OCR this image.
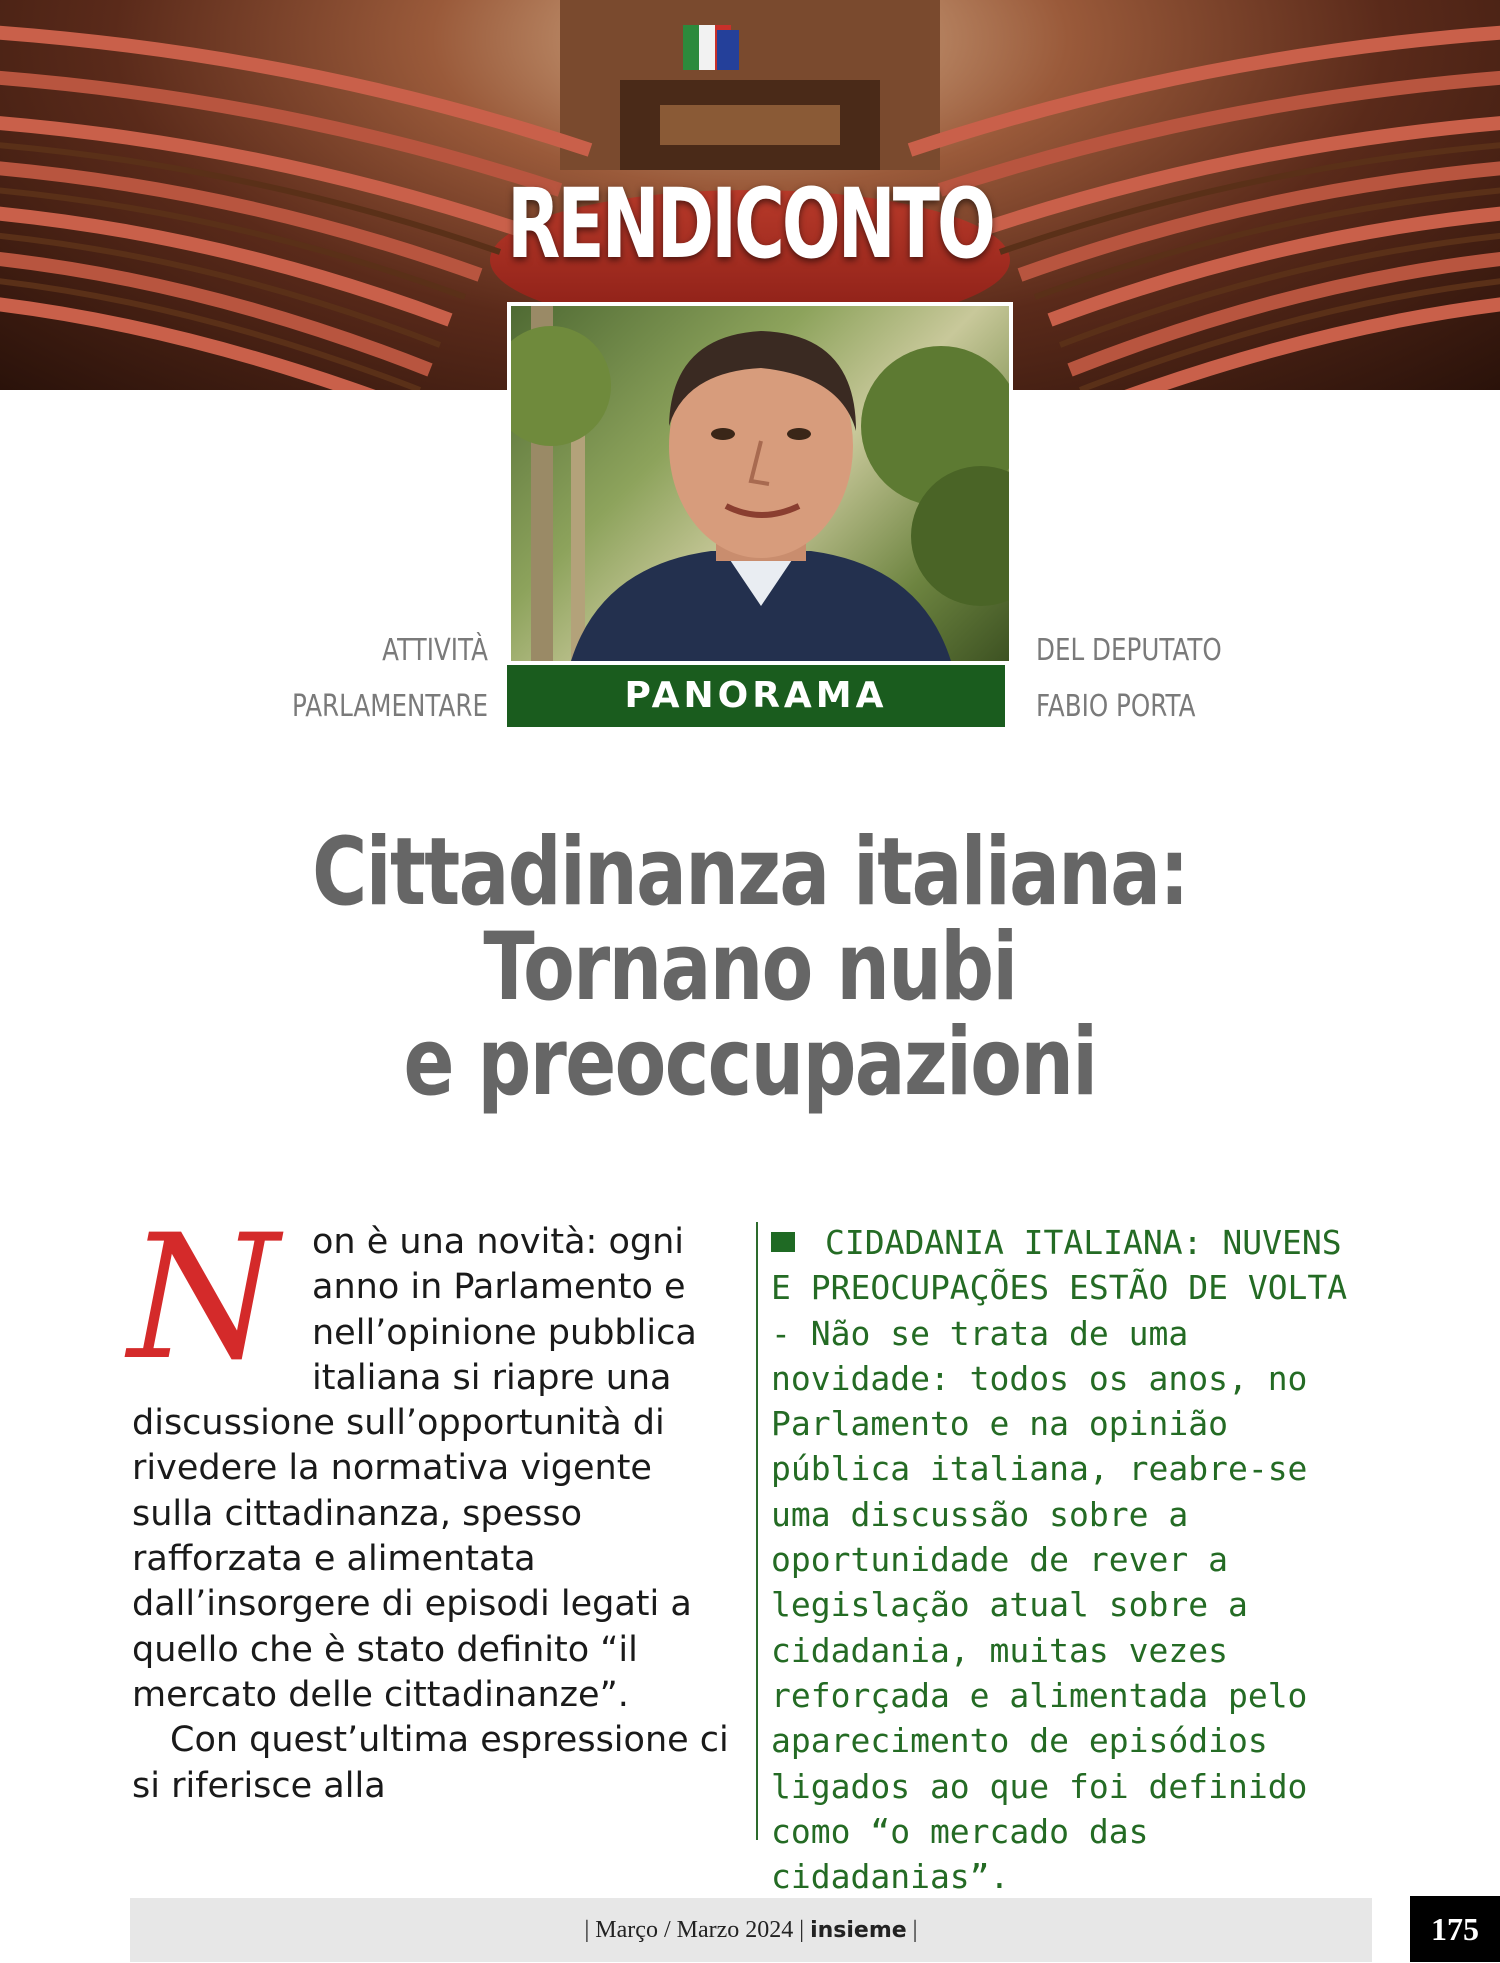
RENDICONTO
PANORAMA
ATTIVITÀ
PARLAMENTARE
DEL DEPUTATO
FABIO PORTA
Cittadinanza italiana:
Tornano nubi
e preoccupazioni
N on è una novità: ogni anno in Parlamento e nell’opinione pubblica italiana si riapre una discussione sull’opportunità di rivedere la normativa vigente sulla cittadinanza, spesso rafforzata e alimentata dall’insorgere di episodi legati a quello che è stato definito “il mercato delle cittadinanze”.

Con quest’ultima espressione ci si riferisce alla

CIDADANIA ITALIANA: NUVENS E PREOCUPAÇÕES ESTÃO DE VOLTA - Não se trata de uma novidade: todos os anos, no Parlamento e na opinião pública italiana, reabre-se uma discussão sobre a oportunidade de rever a legislação atual sobre a cidadania, muitas vezes reforçada e alimentada pelo aparecimento de episódios ligados ao que foi definido como “o mercado das cidadanias”.
| Março / Marzo 2024 | insieme |	175
